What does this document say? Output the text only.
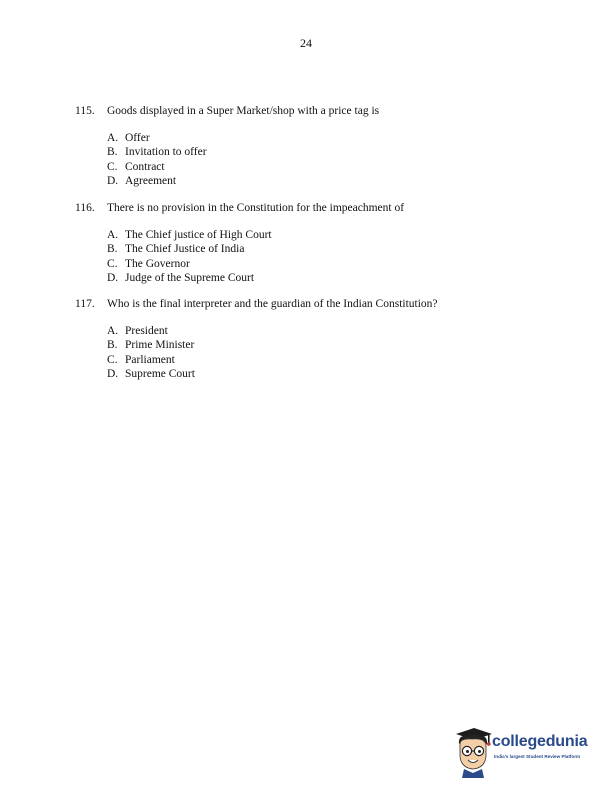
24
115. Goods displayed in a Super Market/shop with a price tag is
A. Offer
B. Invitation to offer
C. Contract
D. Agreement
116. There is no provision in the Constitution for the impeachment of
A. The Chief justice of High Court
B. The Chief Justice of India
C. The Governor
D. Judge of the Supreme Court
117. Who is the final interpreter and the guardian of the Indian Constitution?
A. President
B. Prime Minister
C. Parliament
D. Supreme Court
collegedunia
India's largest Student Review Platform
